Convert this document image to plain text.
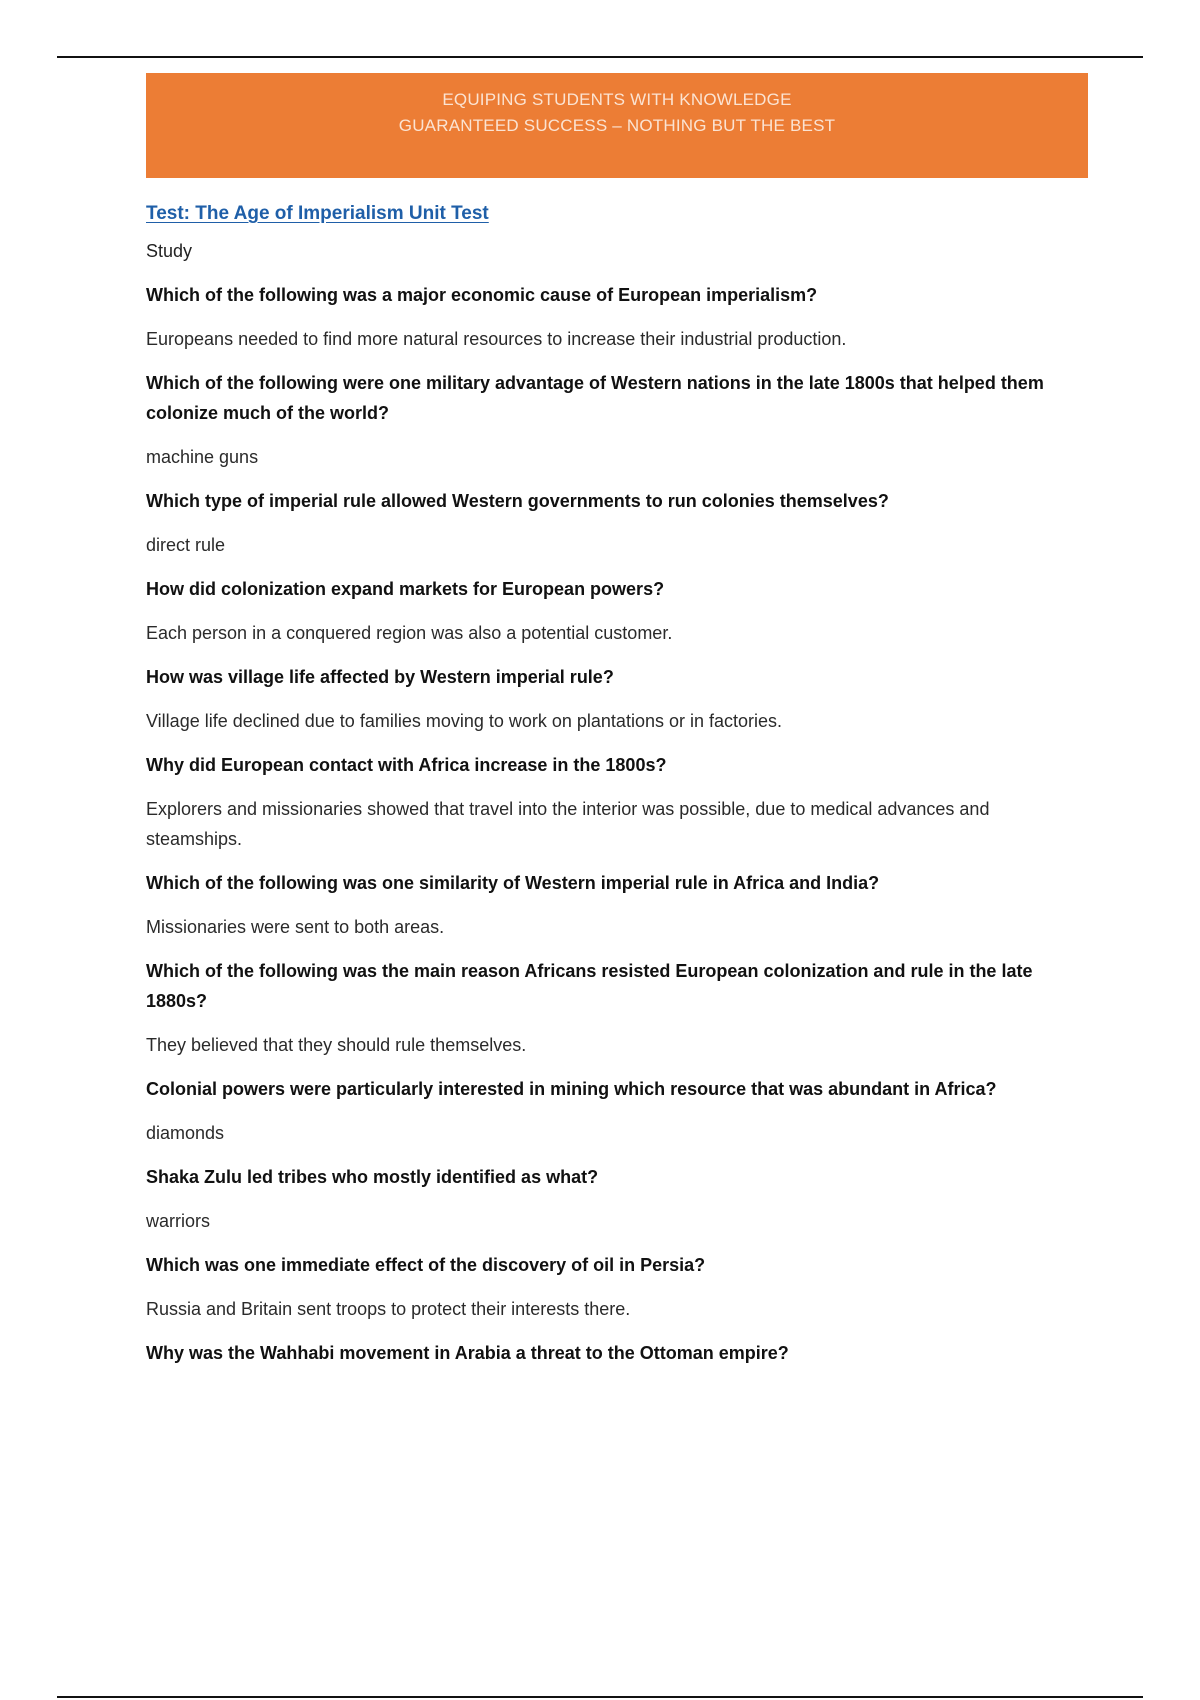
EQUIPING STUDENTS WITH KNOWLEDGE
GUARANTEED SUCCESS – NOTHING BUT THE BEST
Test: The Age of Imperialism Unit Test

Study

Which of the following was a major economic cause of European imperialism?

Europeans needed to find more natural resources to increase their industrial production.

Which of the following were one military advantage of Western nations in the late 1800s that helped them colonize much of the world?

machine guns

Which type of imperial rule allowed Western governments to run colonies themselves?

direct rule

How did colonization expand markets for European powers?

Each person in a conquered region was also a potential customer.

How was village life affected by Western imperial rule?

Village life declined due to families moving to work on plantations or in factories.

Why did European contact with Africa increase in the 1800s?

Explorers and missionaries showed that travel into the interior was possible, due to medical advances and steamships.

Which of the following was one similarity of Western imperial rule in Africa and India?

Missionaries were sent to both areas.

Which of the following was the main reason Africans resisted European colonization and rule in the late 1880s?

They believed that they should rule themselves.

Colonial powers were particularly interested in mining which resource that was abundant in Africa?

diamonds

Shaka Zulu led tribes who mostly identified as what?

warriors

Which was one immediate effect of the discovery of oil in Persia?

Russia and Britain sent troops to protect their interests there.

Why was the Wahhabi movement in Arabia a threat to the Ottoman empire?
